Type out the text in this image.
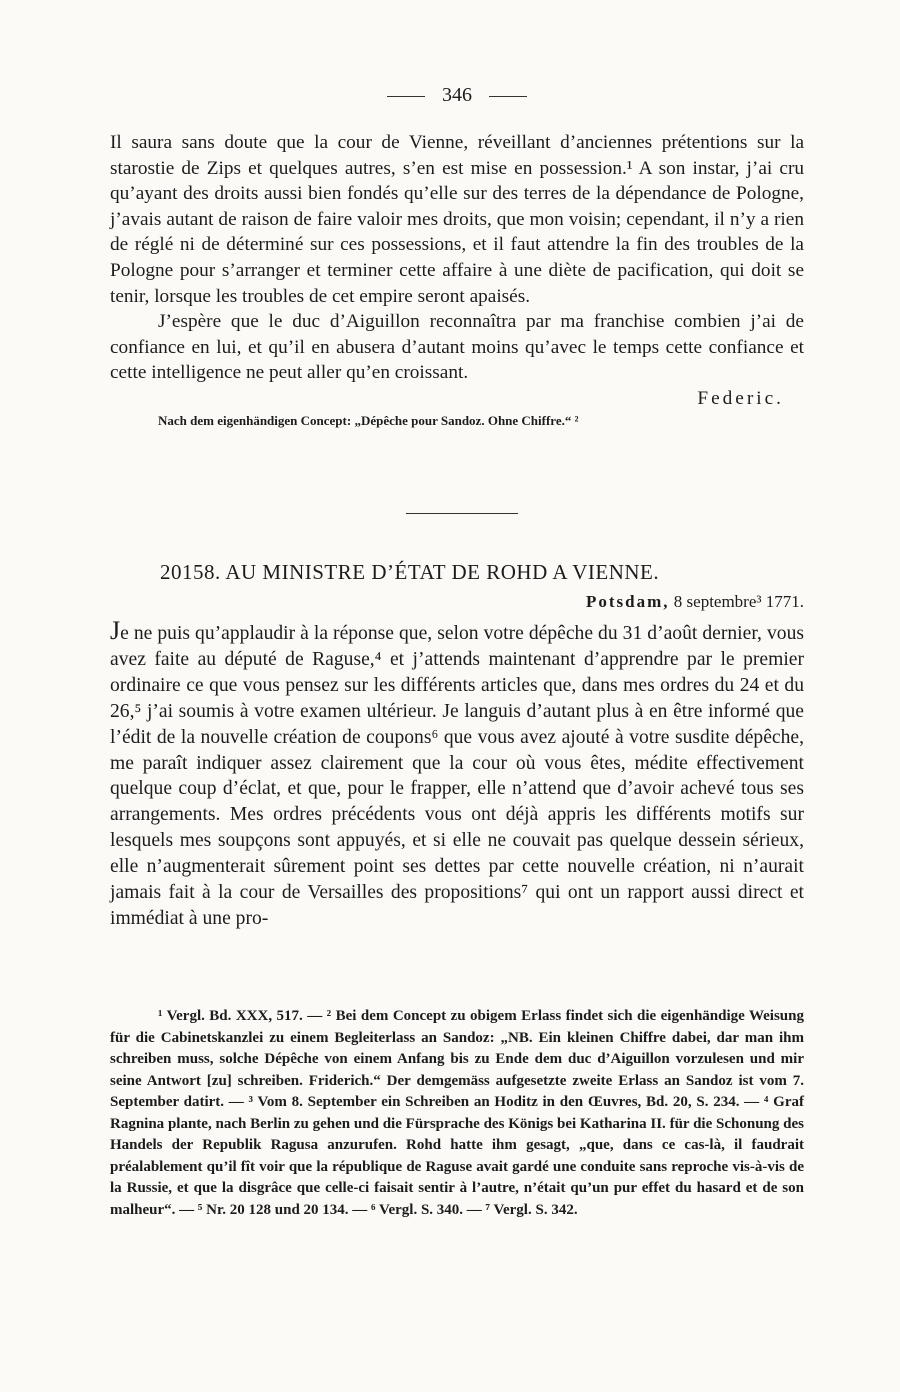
346

Il saura sans doute que la cour de Vienne, réveillant d’anciennes prétentions sur la starostie de Zips et quelques autres, s’en est mise en possession.¹ A son instar, j’ai cru qu’ayant des droits aussi bien fondés qu’elle sur des terres de la dépendance de Pologne, j’avais autant de raison de faire valoir mes droits, que mon voisin; cependant, il n’y a rien de réglé ni de déterminé sur ces possessions, et il faut attendre la fin des troubles de la Pologne pour s’arranger et terminer cette affaire à une diète de pacification, qui doit se tenir, lorsque les troubles de cet empire seront apaisés.

J’espère que le duc d’Aiguillon reconnaîtra par ma franchise combien j’ai de confiance en lui, et qu’il en abusera d’autant moins qu’avec le temps cette confiance et cette intelligence ne peut aller qu’en croissant.

Federic.

Nach dem eigenhändigen Concept: „Dépêche pour Sandoz. Ohne Chiffre.“ ²

20158. AU MINISTRE D’ÉTAT DE ROHD A VIENNE.
Potsdam, 8 septembre³ 1771.

Je ne puis qu’applaudir à la réponse que, selon votre dépêche du 31 d’août dernier, vous avez faite au député de Raguse,⁴ et j’attends maintenant d’apprendre par le premier ordinaire ce que vous pensez sur les différents articles que, dans mes ordres du 24 et du 26,⁵ j’ai soumis à votre examen ultérieur. Je languis d’autant plus à en être informé que l’édit de la nouvelle création de coupons⁶ que vous avez ajouté à votre susdite dépêche, me paraît indiquer assez clairement que la cour où vous êtes, médite effectivement quelque coup d’éclat, et que, pour le frapper, elle n’attend que d’avoir achevé tous ses arrangements. Mes ordres précédents vous ont déjà appris les différents motifs sur lesquels mes soupçons sont appuyés, et si elle ne couvait pas quelque dessein sérieux, elle n’augmenterait sûrement point ses dettes par cette nouvelle création, ni n’aurait jamais fait à la cour de Versailles des propositions⁷ qui ont un rapport aussi direct et immédiat à une pro-

¹ Vergl. Bd. XXX, 517. — ² Bei dem Concept zu obigem Erlass findet sich die eigenhändige Weisung für die Cabinetskanzlei zu einem Begleiterlass an Sandoz: „NB. Ein kleinen Chiffre dabei, dar man ihm schreiben muss, solche Dépêche von einem Anfang bis zu Ende dem duc d’Aiguillon vorzulesen und mir seine Antwort [zu] schreiben. Friderich.“ Der demgemäss aufgesetzte zweite Erlass an Sandoz ist vom 7. September datirt. — ³ Vom 8. September ein Schreiben an Hoditz in den Œuvres, Bd. 20, S. 234. — ⁴ Graf Ragnina plante, nach Berlin zu gehen und die Fürsprache des Königs bei Katharina II. für die Schonung des Handels der Republik Ragusa anzurufen. Rohd hatte ihm gesagt, „que, dans ce cas-là, il faudrait préalablement qu’il fît voir que la république de Raguse avait gardé une conduite sans reproche vis-à-vis de la Russie, et que la disgrâce que celle-ci faisait sentir à l’autre, n’était qu’un pur effet du hasard et de son malheur“. — ⁵ Nr. 20 128 und 20 134. — ⁶ Vergl. S. 340. — ⁷ Vergl. S. 342.
